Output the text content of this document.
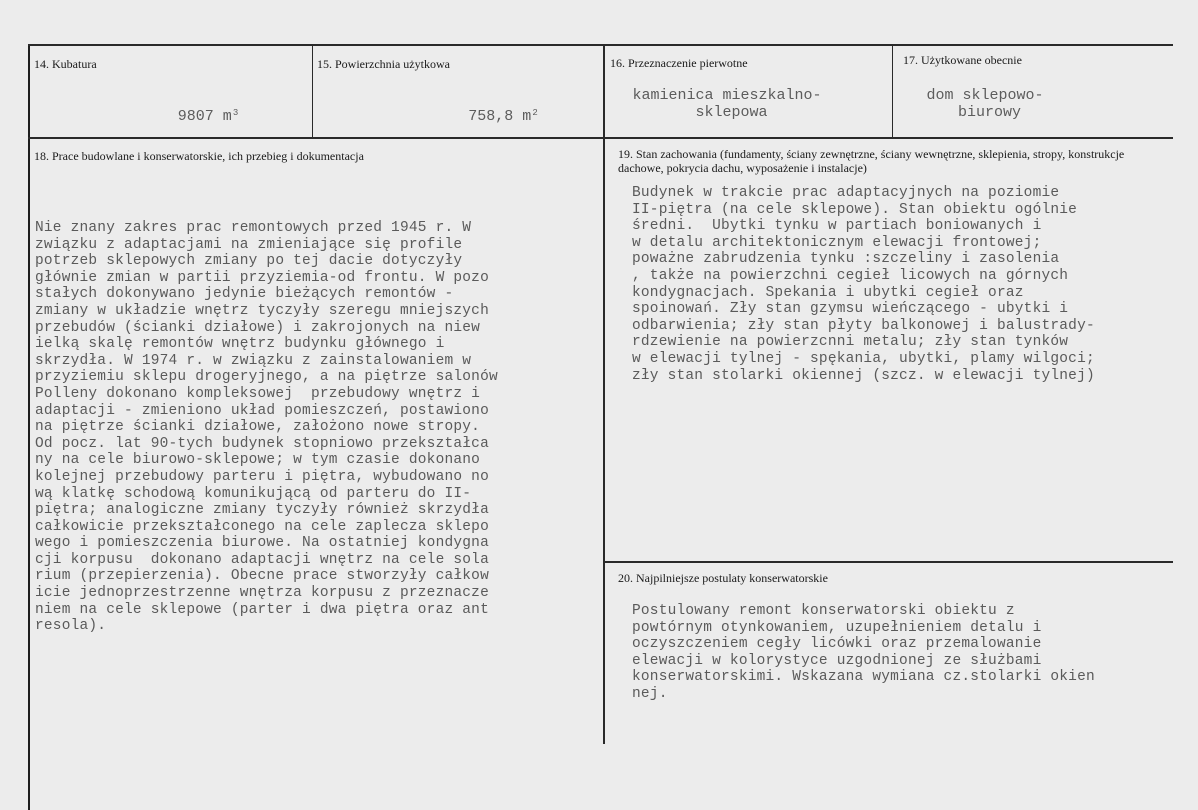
14. Kubatura

9807 $m^3$

15. Powierzchnia użytkowa

758,8 $m^2$

16. Przeznaczenie pierwotne
kamienica mieszkalno-
sklepowa
17. Użytkowane obecnie
dom sklepowo-
biurowy
18. Prace budowlane i konserwatorskie, ich przebieg i dokumentacja
Nie znany zakres prac remontowych przed 1945 r. W
związku z adaptacjami na zmieniające się profile
potrzeb sklepowych zmiany po tej dacie dotyczyły
głównie zmian w partii przyziemia-od frontu. W pozo
stałych dokonywano jedynie bieżących remontów -
zmiany w układzie wnętrz tyczyły szeregu mniejszych
przebudów (ścianki działowe) i zakrojonych na niew
ielką skalę remontów wnętrz budynku głównego i
skrzydła. W 1974 r. w związku z zainstalowaniem w
przyziemiu sklepu drogeryjnego, a na piętrze salonów
Polleny dokonano kompleksowej  przebudowy wnętrz i
adaptacji - zmieniono układ pomieszczeń, postawiono
na piętrze ścianki działowe, założono nowe stropy.
Od pocz. lat 90-tych budynek stopniowo przekształca
ny na cele biurowo-sklepowe; w tym czasie dokonano
kolejnej przebudowy parteru i piętra, wybudowano no
wą klatkę schodową komunikującą od parteru do II-
piętra; analogiczne zmiany tyczyły również skrzydła
całkowicie przekształconego na cele zaplecza sklepo
wego i pomieszczenia biurowe. Na ostatniej kondygna
cji korpusu  dokonano adaptacji wnętrz na cele sola
rium (przepierzenia). Obecne prace stworzyły całkow
icie jednoprzestrzenne wnętrza korpusu z przeznacze
niem na cele sklepowe (parter i dwa piętra oraz ant
resola).
19. Stan zachowania (fundamenty, ściany zewnętrzne, ściany wewnętrzne, sklepienia, stropy, konstrukcje dachowe, pokrycia dachu, wyposażenie i instalacje)
Budynek w trakcie prac adaptacyjnych na poziomie
II-piętra (na cele sklepowe). Stan obiektu ogólnie
średni.  Ubytki tynku w partiach boniowanych i
w detalu architektonicznym elewacji frontowej;
poważne zabrudzenia tynku :szczeliny i zasolenia
, także na powierzchni cegieł licowych na górnych
kondygnacjach. Spekania i ubytki cegieł oraz
spoinowań. Zły stan gzymsu wieńczącego - ubytki i
odbarwienia; zły stan płyty balkonowej i balustrady-
rdzewienie na powierzcnni metalu; zły stan tynków
w elewacji tylnej - spękania, ubytki, plamy wilgoci;
zły stan stolarki okiennej (szcz. w elewacji tylnej)
20. Najpilniejsze postulaty konserwatorskie
Postulowany remont konserwatorski obiektu z
powtórnym otynkowaniem, uzupełnieniem detalu i
oczyszczeniem cegły licówki oraz przemalowanie
elewacji w kolorystyce uzgodnionej ze służbami
konserwatorskimi. Wskazana wymiana cz.stolarki okien
nej.
